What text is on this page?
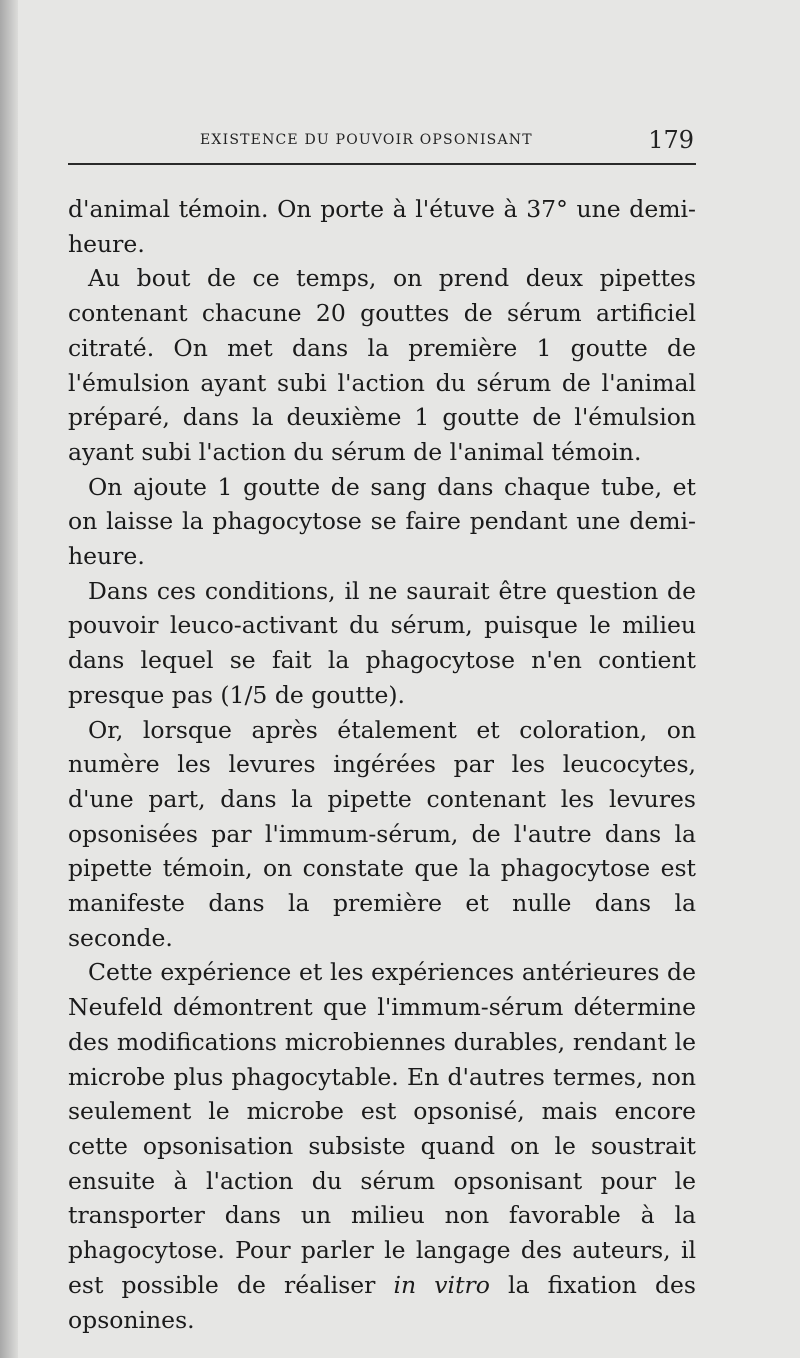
EXISTENCE DU POUVOIR OPSONISANT	179

d'animal témoin. On porte à l'étuve à 37° une demi-heure.

Au bout de ce temps, on prend deux pipettes contenant chacune 20 gouttes de sérum artificiel citraté. On met dans la première 1 goutte de l'émulsion ayant subi l'action du sérum de l'animal préparé, dans la deuxième 1 goutte de l'émulsion ayant subi l'action du sérum de l'animal témoin.

On ajoute 1 goutte de sang dans chaque tube, et on laisse la phagocytose se faire pendant une demi-heure.

Dans ces conditions, il ne saurait être question de pouvoir leuco-activant du sérum, puisque le milieu dans lequel se fait la phagocytose n'en contient presque pas (1/5 de goutte).

Or, lorsque après étalement et coloration, on numère les levures ingérées par les leucocytes, d'une part, dans la pipette contenant les levures opsonisées par l'immum-sérum, de l'autre dans la pipette témoin, on constate que la phagocytose est manifeste dans la première et nulle dans la seconde.

Cette expérience et les expériences antérieures de Neufeld démontrent que l'immum-sérum détermine des modifications microbiennes durables, rendant le microbe plus phagocytable. En d'autres termes, non seulement le microbe est opsonisé, mais encore cette opsonisation subsiste quand on le soustrait ensuite à l'action du sérum opsonisant pour le transporter dans un milieu non favorable à la phagocytose. Pour parler le langage des auteurs, il est possible de réaliser in vitro la fixation des opsonines.
